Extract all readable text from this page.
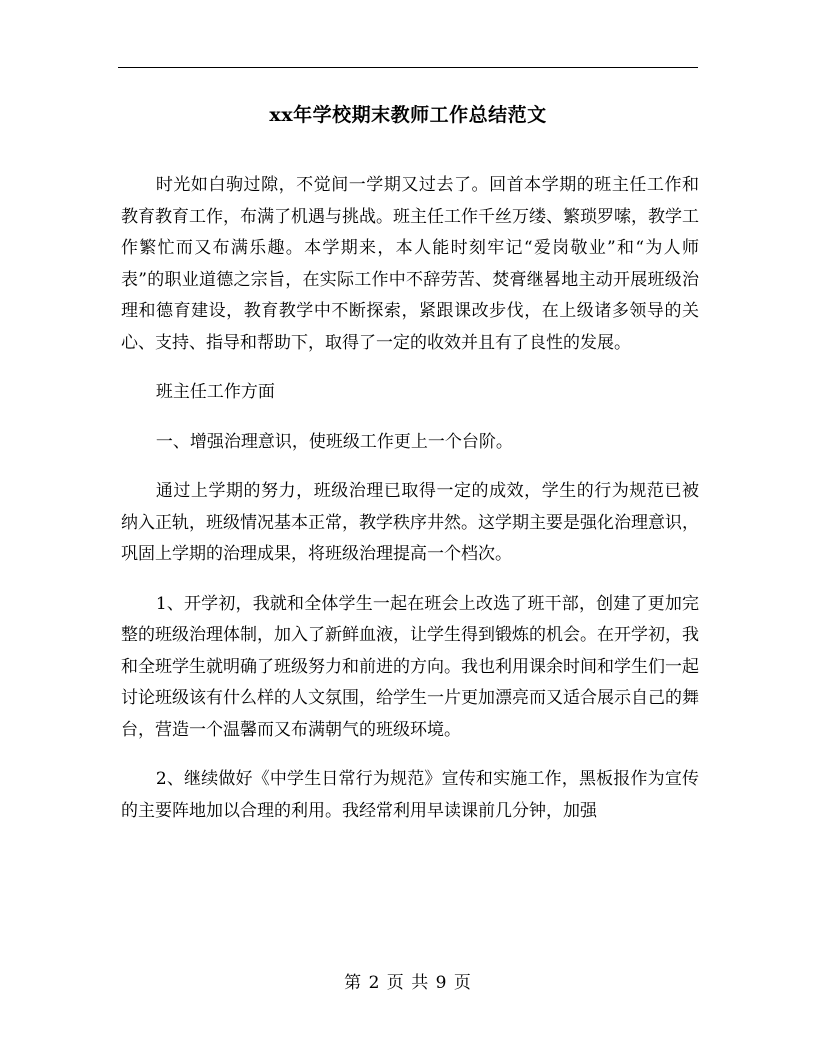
xx年学校期末教师工作总结范文

时光如白驹过隙，不觉间一学期又过去了。回首本学期的班主任工作和教育教育工作，布满了机遇与挑战。班主任工作千丝万缕、繁琐罗嗦，教学工作繁忙而又布满乐趣。本学期来，本人能时刻牢记“爱岗敬业”和“为人师表”的职业道德之宗旨，在实际工作中不辞劳苦、焚膏继晷地主动开展班级治理和德育建设，教育教学中不断探索，紧跟课改步伐，在上级诸多领导的关心、支持、指导和帮助下，取得了一定的收效并且有了良性的发展。

班主任工作方面

一、增强治理意识，使班级工作更上一个台阶。

通过上学期的努力，班级治理已取得一定的成效，学生的行为规范已被纳入正轨，班级情况基本正常，教学秩序井然。这学期主要是强化治理意识，巩固上学期的治理成果，将班级治理提高一个档次。

1、开学初，我就和全体学生一起在班会上改选了班干部，创建了更加完整的班级治理体制，加入了新鲜血液，让学生得到锻炼的机会。在开学初，我和全班学生就明确了班级努力和前进的方向。我也利用课余时间和学生们一起讨论班级该有什么样的人文氛围，给学生一片更加漂亮而又适合展示自己的舞台，营造一个温馨而又布满朝气的班级环境。

2、继续做好《中学生日常行为规范》宣传和实施工作，黑板报作为宣传的主要阵地加以合理的利用。我经常利用早读课前几分钟，加强

第 2 页 共 9 页
